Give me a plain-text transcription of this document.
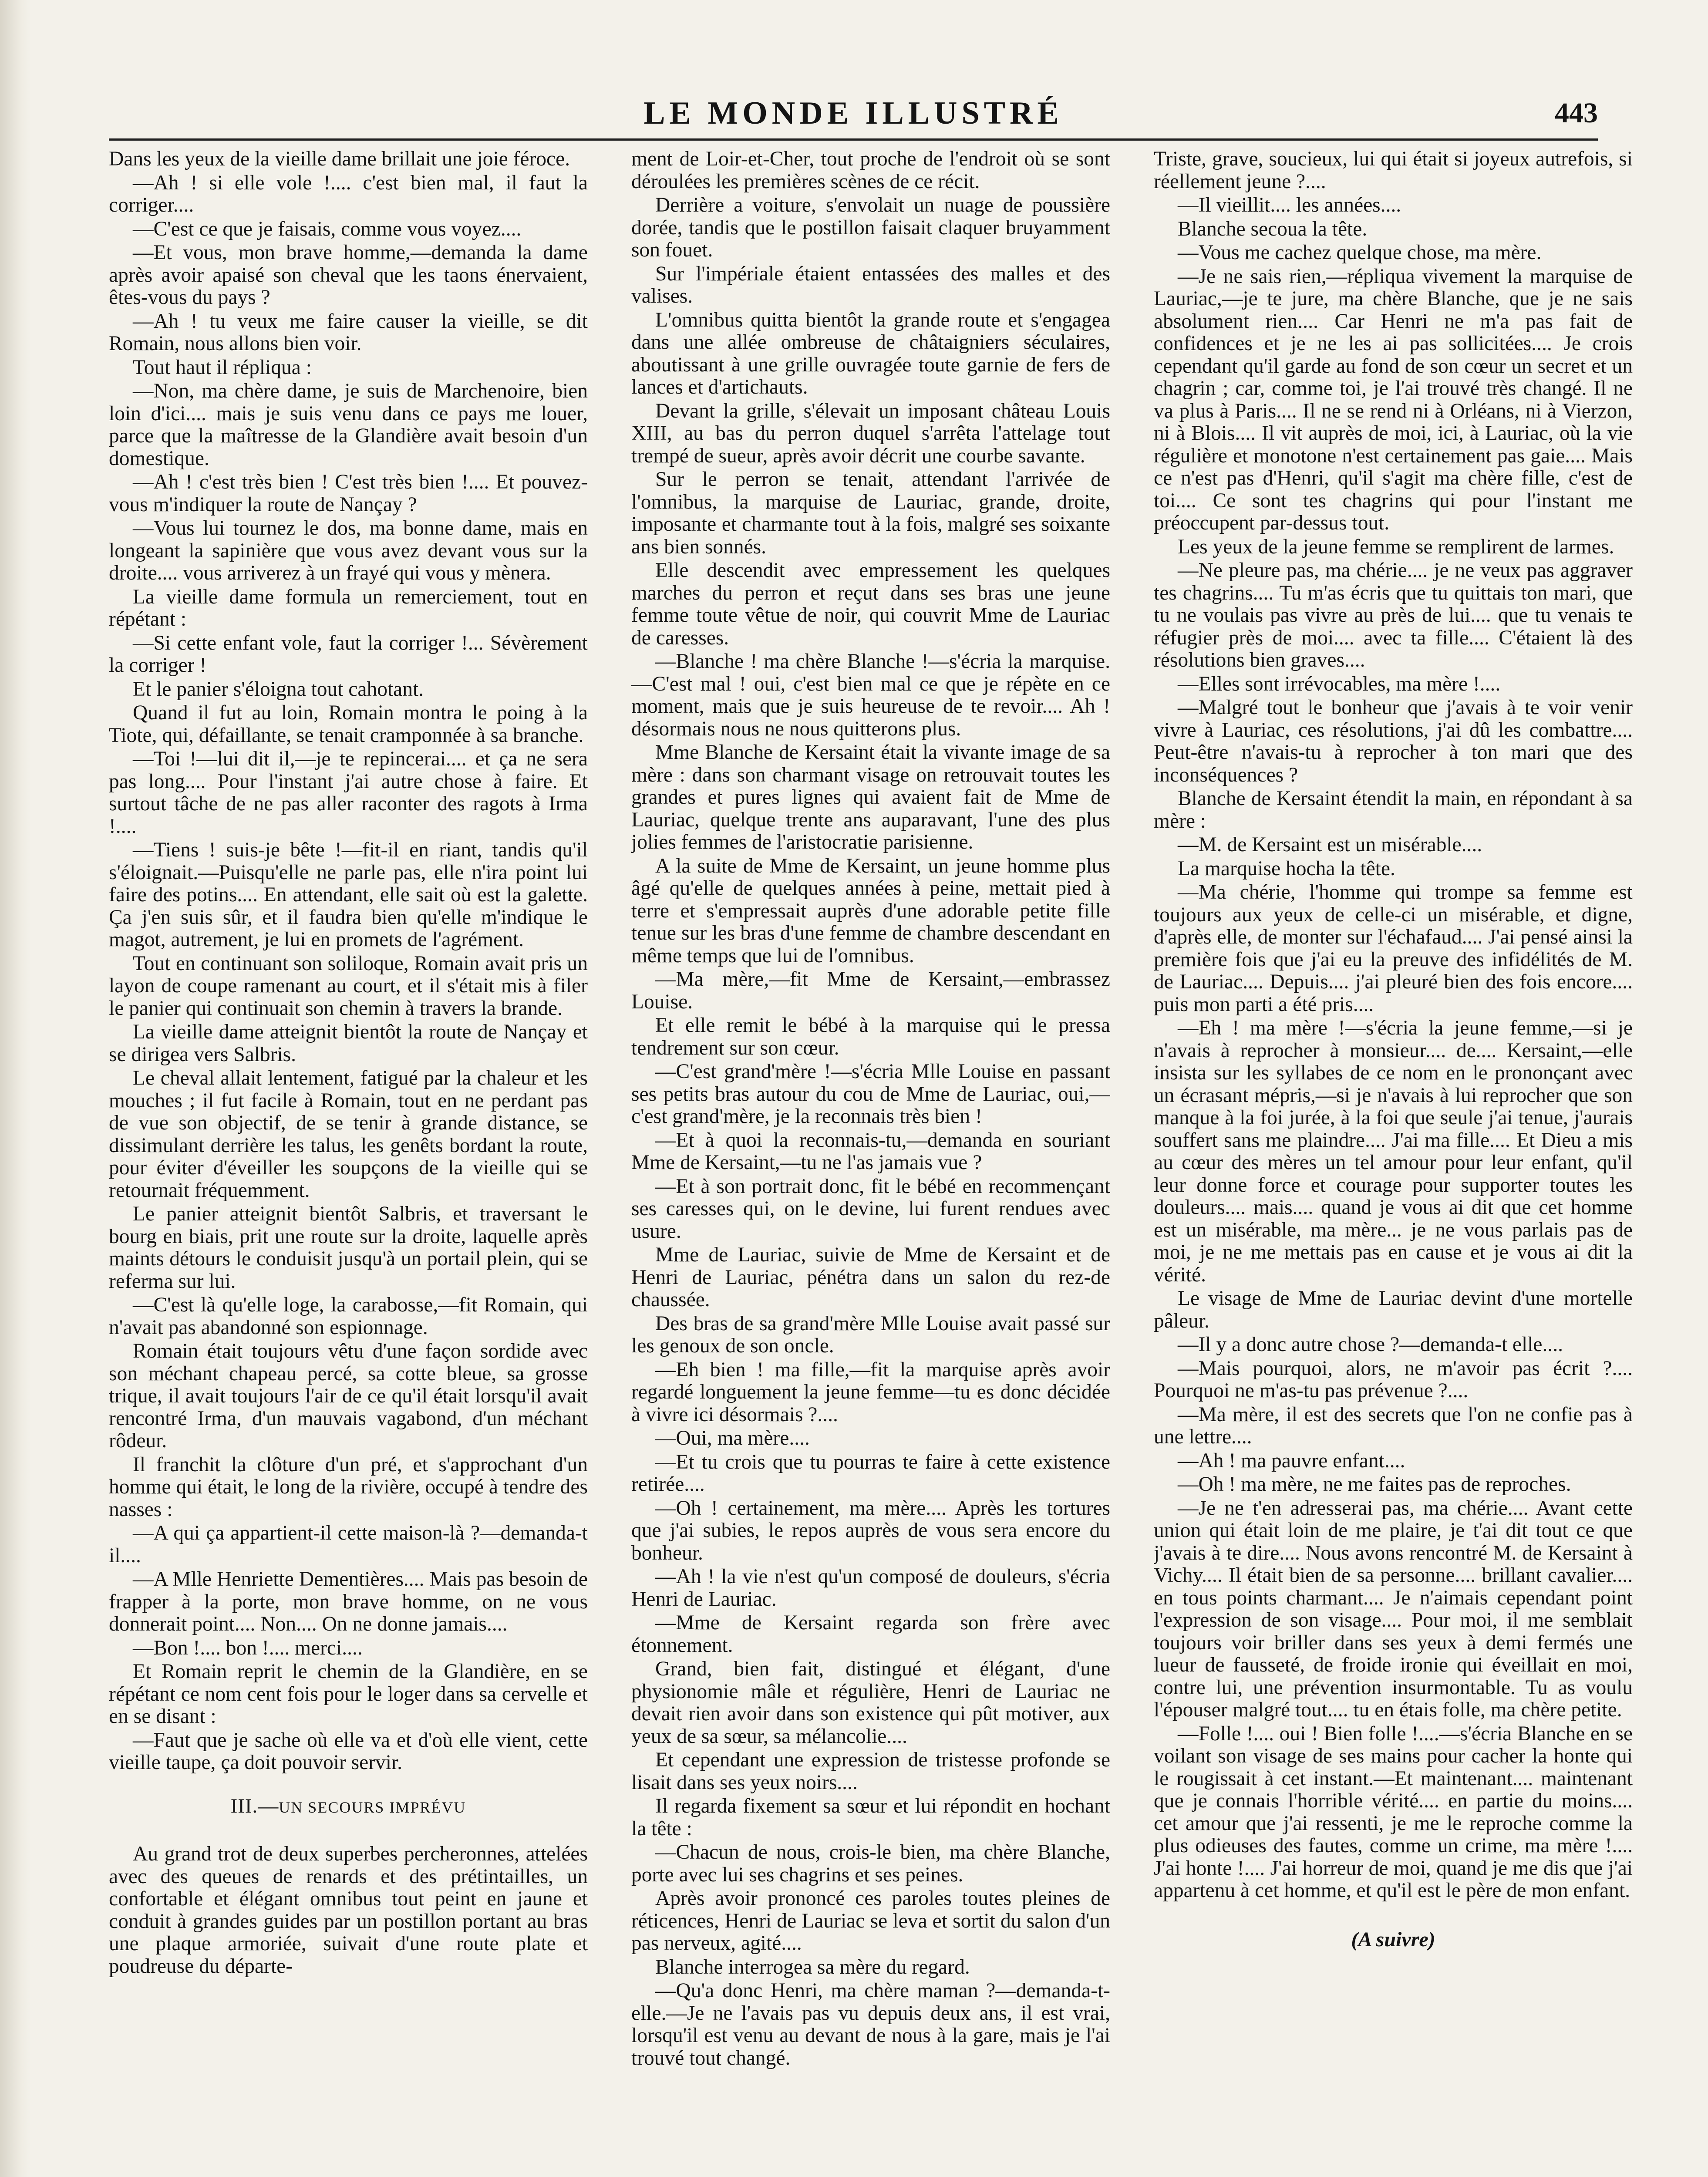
LE MONDE ILLUSTRÉ	443

Dans les yeux de la vieille dame brillait une joie féroce.

—Ah ! si elle vole !.... c'est bien mal, il faut la corriger....

—C'est ce que je faisais, comme vous voyez....

—Et vous, mon brave homme,—demanda la dame après avoir apaisé son cheval que les taons énervaient, êtes-vous du pays ?

—Ah ! tu veux me faire causer la vieille, se dit Romain, nous allons bien voir.

Tout haut il répliqua :

—Non, ma chère dame, je suis de Marchenoire, bien loin d'ici.... mais je suis venu dans ce pays me louer, parce que la maîtresse de la Glandière avait besoin d'un domestique.

—Ah ! c'est très bien ! C'est très bien !.... Et pouvez-vous m'indiquer la route de Nançay ?

—Vous lui tournez le dos, ma bonne dame, mais en longeant la sapinière que vous avez devant vous sur la droite.... vous arriverez à un frayé qui vous y mènera.

La vieille dame formula un remerciement, tout en répétant :

—Si cette enfant vole, faut la corriger !... Sévèrement la corriger !

Et le panier s'éloigna tout cahotant.

Quand il fut au loin, Romain montra le poing à la Tiote, qui, défaillante, se tenait cramponnée à sa branche.

—Toi !—lui dit il,—je te repincerai.... et ça ne sera pas long.... Pour l'instant j'ai autre chose à faire. Et surtout tâche de ne pas aller raconter des ragots à Irma !....

—Tiens ! suis-je bête !—fit-il en riant, tandis qu'il s'éloignait.—Puisqu'elle ne parle pas, elle n'ira point lui faire des potins.... En attendant, elle sait où est la galette. Ça j'en suis sûr, et il faudra bien qu'elle m'indique le magot, autrement, je lui en promets de l'agrément.

Tout en continuant son soliloque, Romain avait pris un layon de coupe ramenant au court, et il s'était mis à filer le panier qui continuait son chemin à travers la brande.

La vieille dame atteignit bientôt la route de Nançay et se dirigea vers Salbris.

Le cheval allait lentement, fatigué par la chaleur et les mouches ; il fut facile à Romain, tout en ne perdant pas de vue son objectif, de se tenir à grande distance, se dissimulant derrière les talus, les genêts bordant la route, pour éviter d'éveiller les soupçons de la vieille qui se retournait fréquemment.

Le panier atteignit bientôt Salbris, et traversant le bourg en biais, prit une route sur la droite, laquelle après maints détours le conduisit jusqu'à un portail plein, qui se referma sur lui.

—C'est là qu'elle loge, la carabosse,—fit Romain, qui n'avait pas abandonné son espionnage.

Romain était toujours vêtu d'une façon sordide avec son méchant chapeau percé, sa cotte bleue, sa grosse trique, il avait toujours l'air de ce qu'il était lorsqu'il avait rencontré Irma, d'un mauvais vagabond, d'un méchant rôdeur.

Il franchit la clôture d'un pré, et s'approchant d'un homme qui était, le long de la rivière, occupé à tendre des nasses :

—A qui ça appartient-il cette maison-là ?—demanda-t il....

—A Mlle Henriette Dementières.... Mais pas besoin de frapper à la porte, mon brave homme, on ne vous donnerait point.... Non.... On ne donne jamais....

—Bon !.... bon !.... merci....

Et Romain reprit le chemin de la Glandière, en se répétant ce nom cent fois pour le loger dans sa cervelle et en se disant :

—Faut que je sache où elle va et d'où elle vient, cette vieille taupe, ça doit pouvoir servir.

III.—UN SECOURS IMPRÉVU

Au grand trot de deux superbes percheronnes, attelées avec des queues de renards et des prétintailles, un confortable et élégant omnibus tout peint en jaune et conduit à grandes guides par un postillon portant au bras une plaque armoriée, suivait d'une route plate et poudreuse du départe-

ment de Loir-et-Cher, tout proche de l'endroit où se sont déroulées les premières scènes de ce récit.

Derrière a voiture, s'envolait un nuage de poussière dorée, tandis que le postillon faisait claquer bruyamment son fouet.

Sur l'impériale étaient entassées des malles et des valises.

L'omnibus quitta bientôt la grande route et s'engagea dans une allée ombreuse de châtaigniers séculaires, aboutissant à une grille ouvragée toute garnie de fers de lances et d'artichauts.

Devant la grille, s'élevait un imposant château Louis XIII, au bas du perron duquel s'arrêta l'attelage tout trempé de sueur, après avoir décrit une courbe savante.

Sur le perron se tenait, attendant l'arrivée de l'omnibus, la marquise de Lauriac, grande, droite, imposante et charmante tout à la fois, malgré ses soixante ans bien sonnés.

Elle descendit avec empressement les quelques marches du perron et reçut dans ses bras une jeune femme toute vêtue de noir, qui couvrit Mme de Lauriac de caresses.

—Blanche ! ma chère Blanche !—s'écria la marquise.—C'est mal ! oui, c'est bien mal ce que je répète en ce moment, mais que je suis heureuse de te revoir.... Ah ! désormais nous ne nous quitterons plus.

Mme Blanche de Kersaint était la vivante image de sa mère : dans son charmant visage on retrouvait toutes les grandes et pures lignes qui avaient fait de Mme de Lauriac, quelque trente ans auparavant, l'une des plus jolies femmes de l'aristocratie parisienne.

A la suite de Mme de Kersaint, un jeune homme plus âgé qu'elle de quelques années à peine, mettait pied à terre et s'empressait auprès d'une adorable petite fille tenue sur les bras d'une femme de chambre descendant en même temps que lui de l'omnibus.

—Ma mère,—fit Mme de Kersaint,—embrassez Louise.

Et elle remit le bébé à la marquise qui le pressa tendrement sur son cœur.

—C'est grand'mère !—s'écria Mlle Louise en passant ses petits bras autour du cou de Mme de Lauriac, oui,—c'est grand'mère, je la reconnais très bien !

—Et à quoi la reconnais-tu,—demanda en souriant Mme de Kersaint,—tu ne l'as jamais vue ?

—Et à son portrait donc, fit le bébé en recommençant ses caresses qui, on le devine, lui furent rendues avec usure.

Mme de Lauriac, suivie de Mme de Kersaint et de Henri de Lauriac, pénétra dans un salon du rez-de chaussée.

Des bras de sa grand'mère Mlle Louise avait passé sur les genoux de son oncle.

—Eh bien ! ma fille,—fit la marquise après avoir regardé longuement la jeune femme—tu es donc décidée à vivre ici désormais ?....

—Oui, ma mère....

—Et tu crois que tu pourras te faire à cette existence retirée....

—Oh ! certainement, ma mère.... Après les tortures que j'ai subies, le repos auprès de vous sera encore du bonheur.

—Ah ! la vie n'est qu'un composé de douleurs, s'écria Henri de Lauriac.

—Mme de Kersaint regarda son frère avec étonnement.

Grand, bien fait, distingué et élégant, d'une physionomie mâle et régulière, Henri de Lauriac ne devait rien avoir dans son existence qui pût motiver, aux yeux de sa sœur, sa mélancolie....

Et cependant une expression de tristesse profonde se lisait dans ses yeux noirs....

Il regarda fixement sa sœur et lui répondit en hochant la tête :

—Chacun de nous, crois-le bien, ma chère Blanche, porte avec lui ses chagrins et ses peines.

Après avoir prononcé ces paroles toutes pleines de réticences, Henri de Lauriac se leva et sortit du salon d'un pas nerveux, agité....

Blanche interrogea sa mère du regard.

—Qu'a donc Henri, ma chère maman ?—demanda-t-elle.—Je ne l'avais pas vu depuis deux ans, il est vrai, lorsqu'il est venu au devant de nous à la gare, mais je l'ai trouvé tout changé.

Triste, grave, soucieux, lui qui était si joyeux autrefois, si réellement jeune ?....

—Il vieillit.... les années....

Blanche secoua la tête.

—Vous me cachez quelque chose, ma mère.

—Je ne sais rien,—répliqua vivement la marquise de Lauriac,—je te jure, ma chère Blanche, que je ne sais absolument rien.... Car Henri ne m'a pas fait de confidences et je ne les ai pas sollicitées.... Je crois cependant qu'il garde au fond de son cœur un secret et un chagrin ; car, comme toi, je l'ai trouvé très changé. Il ne va plus à Paris.... Il ne se rend ni à Orléans, ni à Vierzon, ni à Blois.... Il vit auprès de moi, ici, à Lauriac, où la vie régulière et monotone n'est certainement pas gaie.... Mais ce n'est pas d'Henri, qu'il s'agit ma chère fille, c'est de toi.... Ce sont tes chagrins qui pour l'instant me préoccupent par-dessus tout.

Les yeux de la jeune femme se remplirent de larmes.

—Ne pleure pas, ma chérie.... je ne veux pas aggraver tes chagrins.... Tu m'as écris que tu quittais ton mari, que tu ne voulais pas vivre au près de lui.... que tu venais te réfugier près de moi.... avec ta fille.... C'étaient là des résolutions bien graves....

—Elles sont irrévocables, ma mère !....

—Malgré tout le bonheur que j'avais à te voir venir vivre à Lauriac, ces résolutions, j'ai dû les combattre.... Peut-être n'avais-tu à reprocher à ton mari que des inconséquences ?

Blanche de Kersaint étendit la main, en répondant à sa mère :

—M. de Kersaint est un misérable....

La marquise hocha la tête.

—Ma chérie, l'homme qui trompe sa femme est toujours aux yeux de celle-ci un misérable, et digne, d'après elle, de monter sur l'échafaud.... J'ai pensé ainsi la première fois que j'ai eu la preuve des infidélités de M. de Lauriac.... Depuis.... j'ai pleuré bien des fois encore.... puis mon parti a été pris....

—Eh ! ma mère !—s'écria la jeune femme,—si je n'avais à reprocher à monsieur.... de.... Kersaint,—elle insista sur les syllabes de ce nom en le prononçant avec un écrasant mépris,—si je n'avais à lui reprocher que son manque à la foi jurée, à la foi que seule j'ai tenue, j'aurais souffert sans me plaindre.... J'ai ma fille.... Et Dieu a mis au cœur des mères un tel amour pour leur enfant, qu'il leur donne force et courage pour supporter toutes les douleurs.... mais.... quand je vous ai dit que cet homme est un misérable, ma mère... je ne vous parlais pas de moi, je ne me mettais pas en cause et je vous ai dit la vérité.

Le visage de Mme de Lauriac devint d'une mortelle pâleur.

—Il y a donc autre chose ?—demanda-t elle....

—Mais pourquoi, alors, ne m'avoir pas écrit ?.... Pourquoi ne m'as-tu pas prévenue ?....

—Ma mère, il est des secrets que l'on ne confie pas à une lettre....

—Ah ! ma pauvre enfant....

—Oh ! ma mère, ne me faites pas de reproches.

—Je ne t'en adresserai pas, ma chérie.... Avant cette union qui était loin de me plaire, je t'ai dit tout ce que j'avais à te dire.... Nous avons rencontré M. de Kersaint à Vichy.... Il était bien de sa personne.... brillant cavalier.... en tous points charmant.... Je n'aimais cependant point l'expression de son visage.... Pour moi, il me semblait toujours voir briller dans ses yeux à demi fermés une lueur de fausseté, de froide ironie qui éveillait en moi, contre lui, une prévention insurmontable. Tu as voulu l'épouser malgré tout.... tu en étais folle, ma chère petite.

—Folle !.... oui ! Bien folle !....—s'écria Blanche en se voilant son visage de ses mains pour cacher la honte qui le rougissait à cet instant.—Et maintenant.... maintenant que je connais l'horrible vérité.... en partie du moins.... cet amour que j'ai ressenti, je me le reproche comme la plus odieuses des fautes, comme un crime, ma mère !.... J'ai honte !.... J'ai horreur de moi, quand je me dis que j'ai appartenu à cet homme, et qu'il est le père de mon enfant.

(A suivre)
